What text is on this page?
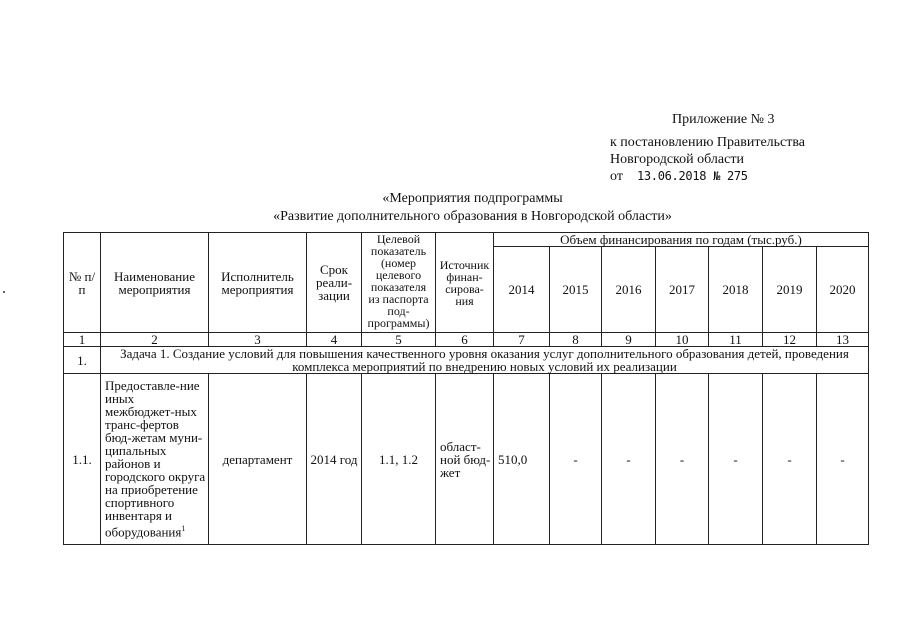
Приложение № 3
к постановлению Правительства
Новгородской области
от 13.06.2018 № 275
«Мероприятия подпрограммы
«Развитие дополнительного образования в Новгородской области»
№ п/п	Наименование мероприятия	Исполнитель мероприятия	Срок реали-зации	Целевой показатель (номер целевого показателя из паспорта под-программы)	Источник финан-сирова-ния	Объем финансирования по годам (тыс.руб.)						
						2014	2015	2016	2017	2018	2019	2020
1	2	3	4	5	6	7	8	9	10	11	12	13
1.	Задача 1. Создание условий для повышения качественного уровня оказания услуг дополнительного образования детей, проведения комплекса мероприятий по внедрению новых условий их реализации											
1.1.	Предоставле-ние иных межбюджет-ных транс-фертов бюд-жетам муни-ципальных районов и городского округа на приобретение спортивного инвентаря и оборудования$^1$	департамент	2014 год	1.1, 1.2	област-ной бюд-жет	510,0	-	-	-	-	-	-
